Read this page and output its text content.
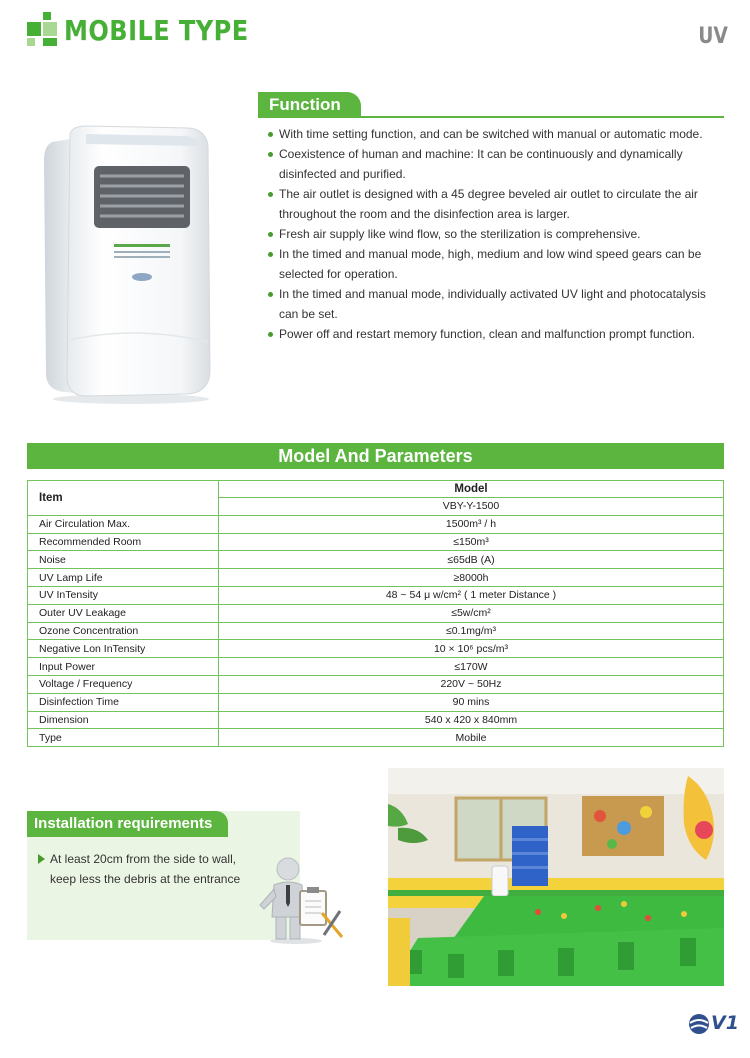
MOBILE TYPE	UV
Function
With time setting function, and can be switched with manual or automatic mode.
Coexistence of human and machine: It can be continuously and dynamically disinfected and purified.
The air outlet is designed with a 45 degree beveled air outlet to circulate the air throughout the room and the disinfection area is larger.
Fresh air supply like wind flow, so the sterilization is comprehensive.
In the timed and manual mode, high, medium and low wind speed gears can be selected for operation.
In the timed and manual mode, individually activated UV light and photocatalysis can be set.
Power off and restart memory function, clean and malfunction prompt function.
Model And Parameters
Item	Model
	VBY-Y-1500
Air Circulation Max.	1500m³ / h
Recommended Room	≤150m³
Noise	≤65dB (A)
UV Lamp Life	≥8000h
UV InTensity	48 ~ 54 μ w/cm² ( 1 meter Distance )
Outer UV Leakage	≤5w/cm²
Ozone Concentration	≤0.1mg/m³
Negative Lon InTensity	10 × 10⁶ pcs/m³
Input Power	≤170W
Voltage / Frequency	220V ~ 50Hz
Disinfection Time	90 mins
Dimension	540 x 420 x 840mm
Type	Mobile
Installation requirements

At least 20cm from the side to wall,

keep less the debris at the entrance

V1
